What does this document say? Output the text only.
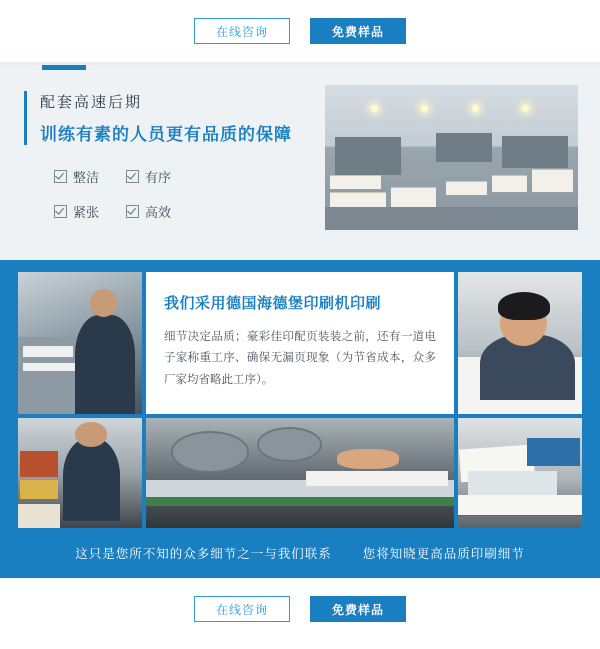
在线咨询	免费样品
配套高速后期
训练有素的人员更有品质的保障
整洁	有序
紧张	高效
我们采用德国海德堡印刷机印刷
细节决定品质；豪彩佳印配页装装之前，还有一道电子家称重工序、确保无漏页现象（为节省成本，众多厂家均省略此工序）。
这只是您所不知的众多细节之一与我们联系 您将知晓更高品质印刷细节
在线咨询	免费样品
